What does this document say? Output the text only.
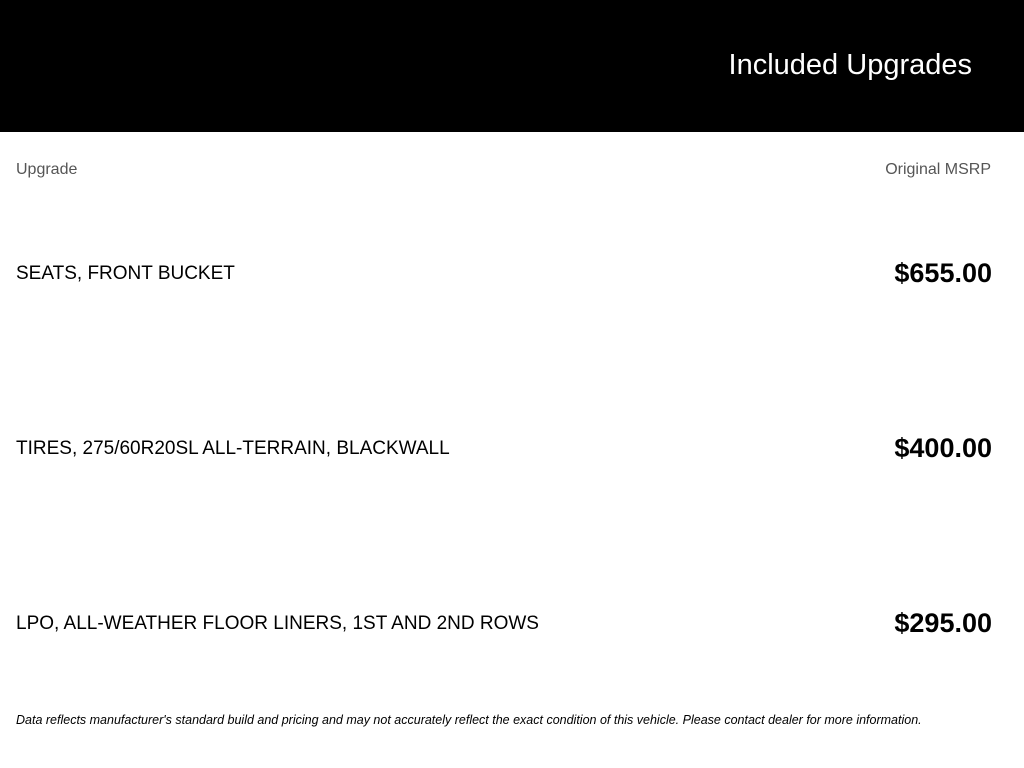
Included Upgrades
Upgrade	Original MSRP
SEATS, FRONT BUCKET	$655.00
TIRES, 275/60R20SL ALL-TERRAIN, BLACKWALL	$400.00
LPO, ALL-WEATHER FLOOR LINERS, 1ST AND 2ND ROWS	$295.00
Data reflects manufacturer's standard build and pricing and may not accurately reflect the exact condition of this vehicle. Please contact dealer for more information.
